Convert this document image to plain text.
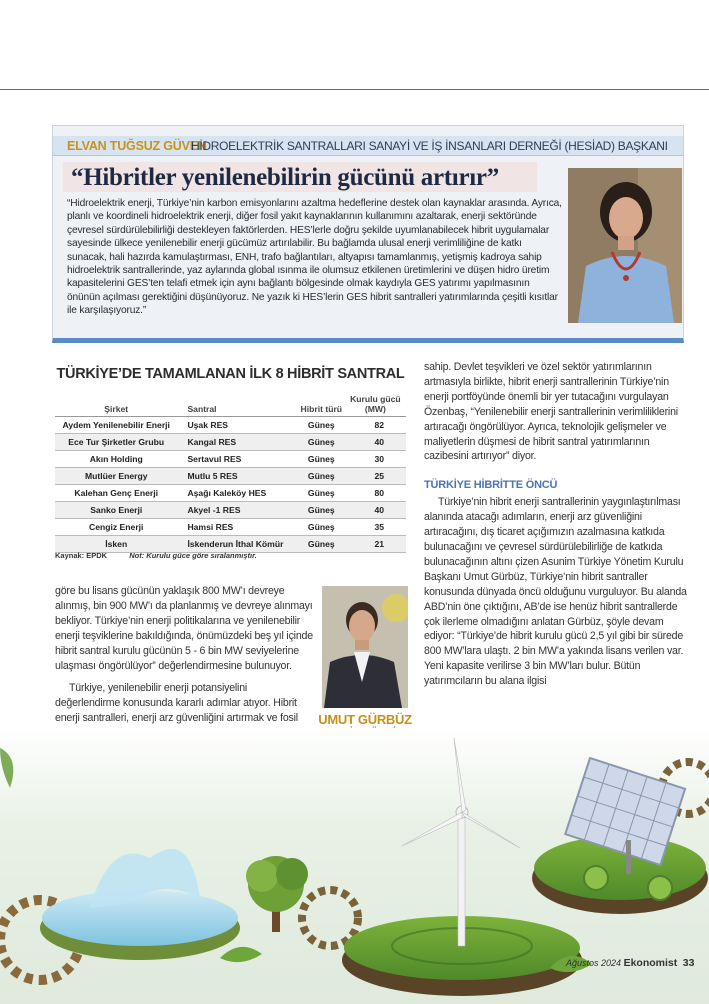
ELVAN TUĞSUZ GÜVEN
HİDROELEKTRİK SANTRALLARI SANAYİ VE İŞ İNSANLARI DERNEĞİ (HESİAD) BAŞKANI
“Hibritler yenilenebilirin gücünü artırır”
“Hidroelektrik enerji, Türkiye’nin karbon emisyonlarını azaltma hedeflerine destek olan kaynaklar arasında. Ayrıca, planlı ve koordineli hidroelektrik enerji, diğer fosil yakıt kaynaklarının kullanımını azaltarak, enerji sektöründe çevresel sürdürülebilirliği destekleyen faktörlerden. HES’lerle doğru şekilde uyumlanabilecek hibrit uygulamalar sayesinde ülkece yenilenebilir enerji gücümüz artırılabilir. Bu bağlamda ulusal enerji verimliliğine de katkı sunacak, hali hazırda kamulaştırması, ENH, trafo bağlantıları, altyapısı tamamlanmış, yetişmiş kadroya sahip hidroelektrik santrallerinde, yaz aylarında global ısınma ile olumsuz etkilenen üretimlerini ve düşen hidro üretim kapasitelerini GES’ten telafi etmek için aynı bağlantı bölgesinde olmak kaydıyla GES yatırımı yapılmasının önünün açılması gerektiğini düşünüyoruz. Ne yazık ki HES’lerin GES hibrit santralleri yatırımlarında çeşitli kısıtlar ile karşılaşıyoruz.”
TÜRKİYE’DE TAMAMLANAN İLK 8 HİBRİT SANTRAL
Şirket	Santral	Hibrit türü	Kurulu gücü (MW)
Aydem Yenilenebilir Enerji	Uşak RES	Güneş	82
Ece Tur Şirketler Grubu	Kangal RES	Güneş	40
Akın Holding	Sertavul RES	Güneş	30
Mutlüer Energy	Mutlu 5 RES	Güneş	25
Kalehan Genç Enerji	Aşağı Kaleköy HES	Güneş	80
Sanko Enerji	Akyel -1 RES	Güneş	40
Cengiz Enerji	Hamsi RES	Güneş	35
İsken	İskenderun İthal Kömür	Güneş	21
Kaynak: EPDK	Not: Kurulu güce göre sıralanmıştır.

sahip. Devlet teşvikleri ve özel sektör yatırımlarının artmasıyla birlikte, hibrit enerji santrallerinin Türkiye’nin enerji portföyünde önemli bir yer tutacağını vurgulayan Özenbaş, “Yenilenebilir enerji santrallerinin verimliliklerini artıracağı öngörülüyor. Ayrıca, teknolojik gelişmeler ve maliyetlerin düşmesi de hibrit santral yatırımlarının cazibesini artırıyor” diyor.

TÜRKİYE HİBRİTTE ÖNCÜ

Türkiye’nin hibrit enerji santrallerinin yaygınlaştırılması alanında atacağı adımların, enerji arz güvenliğini artıracağını, dış ticaret açığımızın azalmasına katkıda bulunacağını ve çevresel sürdürülebilirliğe de katkıda bulunacağının altını çizen Asunim Türkiye Yönetim Kurulu Başkanı Umut Gürbüz, Türkiye’nin hibrit santraller konusunda dünyada öncü olduğunu vurguluyor. Bu alanda ABD’nin öne çıktığını, AB’de ise henüz hibrit santrallerde çok ilerleme olmadığını anlatan Gürbüz, şöyle devam ediyor: “Türkiye’de hibrit kurulu gücü 2,5 yıl gibi bir sürede 800 MW’lara ulaştı. 2 bin MW’a yakında lisans verilen var. Yeni kapasite verilirse 3 bin MW’ları bulur. Bütün yatırımcıların bu alana ilgisi

göre bu lisans gücünün yaklaşık 800 MW’ı devreye alınmış, bin 900 MW’ı da planlanmış ve devreye alınmayı bekliyor. Türkiye’nin enerji politikalarına ve yenilenebilir enerji teşviklerine bakıldığında, önümüzdeki beş yıl içinde hibrit santral kurulu gücünün 5 - 6 bin MW seviyelerine ulaşması öngörülüyor” değerlendirmesine bulunuyor.

Türkiye, yenilenebilir enerji potansiyelini değerlendirme konusunda kararlı adımlar atıyor. Hibrit enerji santralleri, enerji arz güvenliğini artırmak ve fosil	UMUT GÜRBÜZ
Ağustos 2024 Ekonomist 33
